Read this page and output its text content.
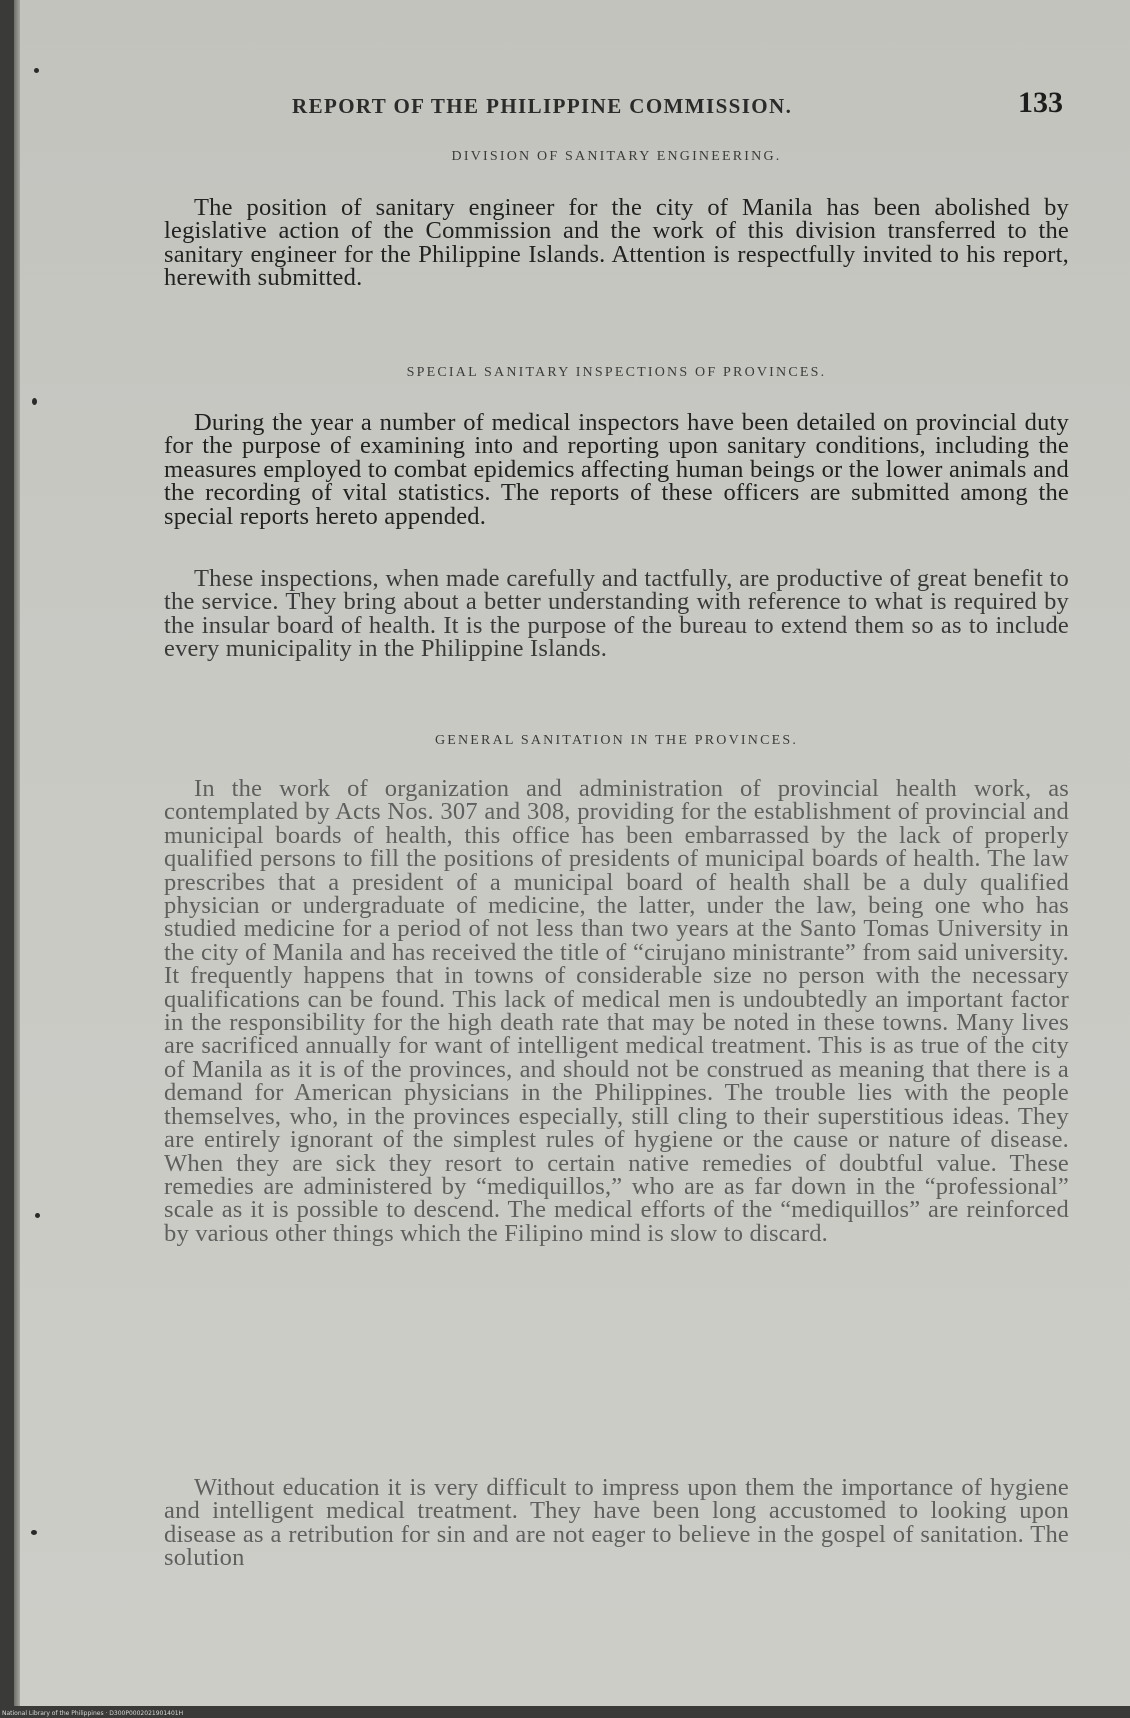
REPORT OF THE PHILIPPINE COMMISSION.	133
DIVISION OF SANITARY ENGINEERING.

The position of sanitary engineer for the city of Manila has been abolished by legislative action of the Commission and the work of this division transferred to the sanitary engineer for the Philippine Islands. Attention is respectfully invited to his report, herewith submitted.

SPECIAL SANITARY INSPECTIONS OF PROVINCES.

During the year a number of medical inspectors have been detailed on provincial duty for the purpose of examining into and reporting upon sanitary conditions, including the measures employed to combat epidemics affecting human beings or the lower animals and the recording of vital statistics. The reports of these officers are submitted among the special reports hereto appended.

These inspections, when made carefully and tactfully, are productive of great benefit to the service. They bring about a better understanding with reference to what is required by the insular board of health. It is the purpose of the bureau to extend them so as to include every municipality in the Philippine Islands.

GENERAL SANITATION IN THE PROVINCES.

In the work of organization and administration of provincial health work, as contemplated by Acts Nos. 307 and 308, providing for the establishment of provincial and municipal boards of health, this office has been embarrassed by the lack of properly qualified persons to fill the positions of presidents of municipal boards of health. The law prescribes that a president of a municipal board of health shall be a duly qualified physician or undergraduate of medicine, the latter, under the law, being one who has studied medicine for a period of not less than two years at the Santo Tomas University in the city of Manila and has received the title of “cirujano ministrante” from said university. It frequently happens that in towns of considerable size no person with the necessary qualifications can be found. This lack of medical men is undoubtedly an important factor in the responsibility for the high death rate that may be noted in these towns. Many lives are sacrificed annually for want of intelligent medical treatment. This is as true of the city of Manila as it is of the provinces, and should not be construed as meaning that there is a demand for American physicians in the Philippines. The trouble lies with the people themselves, who, in the provinces especially, still cling to their superstitious ideas. They are entirely ignorant of the simplest rules of hygiene or the cause or nature of disease. When they are sick they resort to certain native remedies of doubtful value. These remedies are administered by “mediquillos,” who are as far down in the “professional” scale as it is possible to descend. The medical efforts of the “mediquillos” are reinforced by various other things which the Filipino mind is slow to discard.

Without education it is very difficult to impress upon them the importance of hygiene and intelligent medical treatment. They have been long accustomed to looking upon disease as a retribution for sin and are not eager to believe in the gospel of sanitation. The solution

National Library of the Philippines · D300P0002021901401H
